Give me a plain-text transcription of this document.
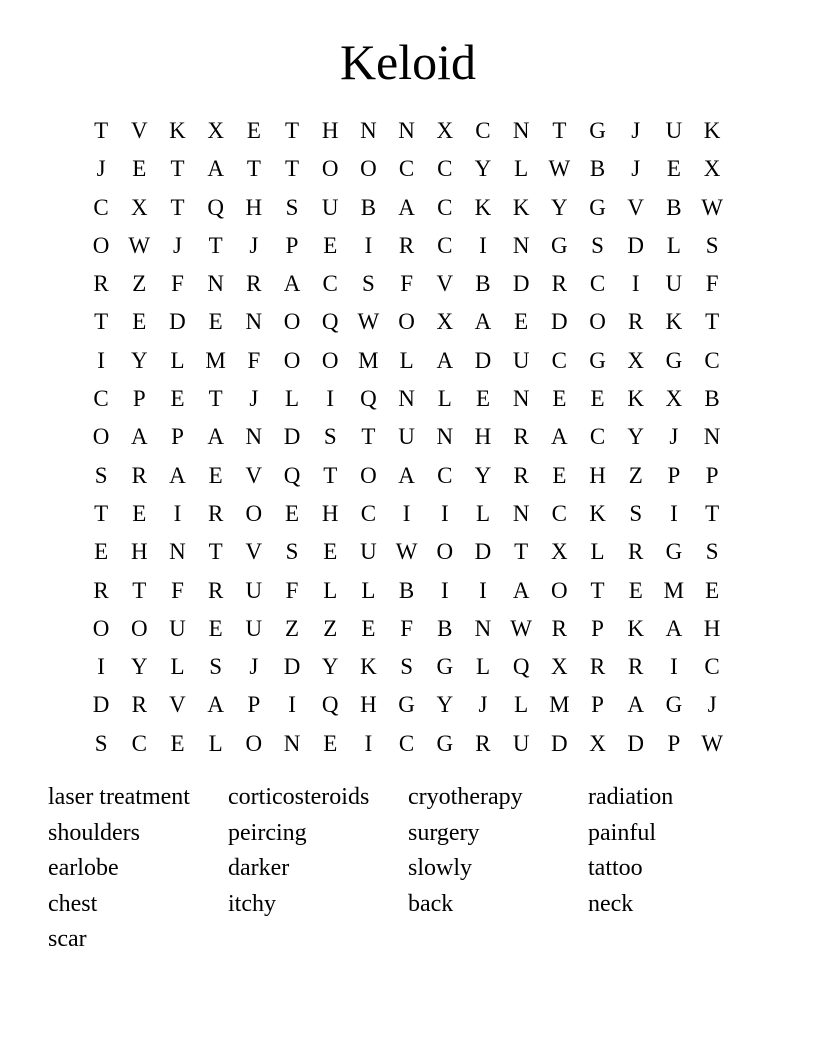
Keloid
T V K X E	T H N N X C N T G	J	U K
J	E	T A T	T O O C C Y L W B	J	E X
C X T Q H	S	U B A C K K Y G V B W
O W J	T	J	P	E	I	R C	I	N G	S	D L	S
R	Z	F	N R A C	S	F	V B D R C	I	U	F
T	E D E N O Q W O X A E D O R K T
I	Y L M F	O O M L A D U C G X G C
C	P	E	T	J	L	I	Q N L	E N E	E K X B
O A	P	A N D	S	T U N H R A C Y	J	N
S	R A E V Q T O A C Y R	E H Z	P	P
T	E	I	R O E H C	I	I	L N C K	S	I	T
E H N T V	S	E U W O D T X L	R G	S
R	T	F	R U	F	L	L	B	I	I	A O T	E M E
O O U E U Z	Z	E	F	B N W R	P	K A H
I	Y L	S	J	D Y K	S	G L Q X R R	I	C
D R V A	P	I	Q H G Y	J	L M P	A G	J
S	C	E	L O N E	I	C G R U D X D	P W
laser treatment	corticosteroids	cryotherapy	radiation
shoulders	peircing	surgery	painful
earlobe	darker	slowly	tattoo
chest	itchy	back	neck
scar
